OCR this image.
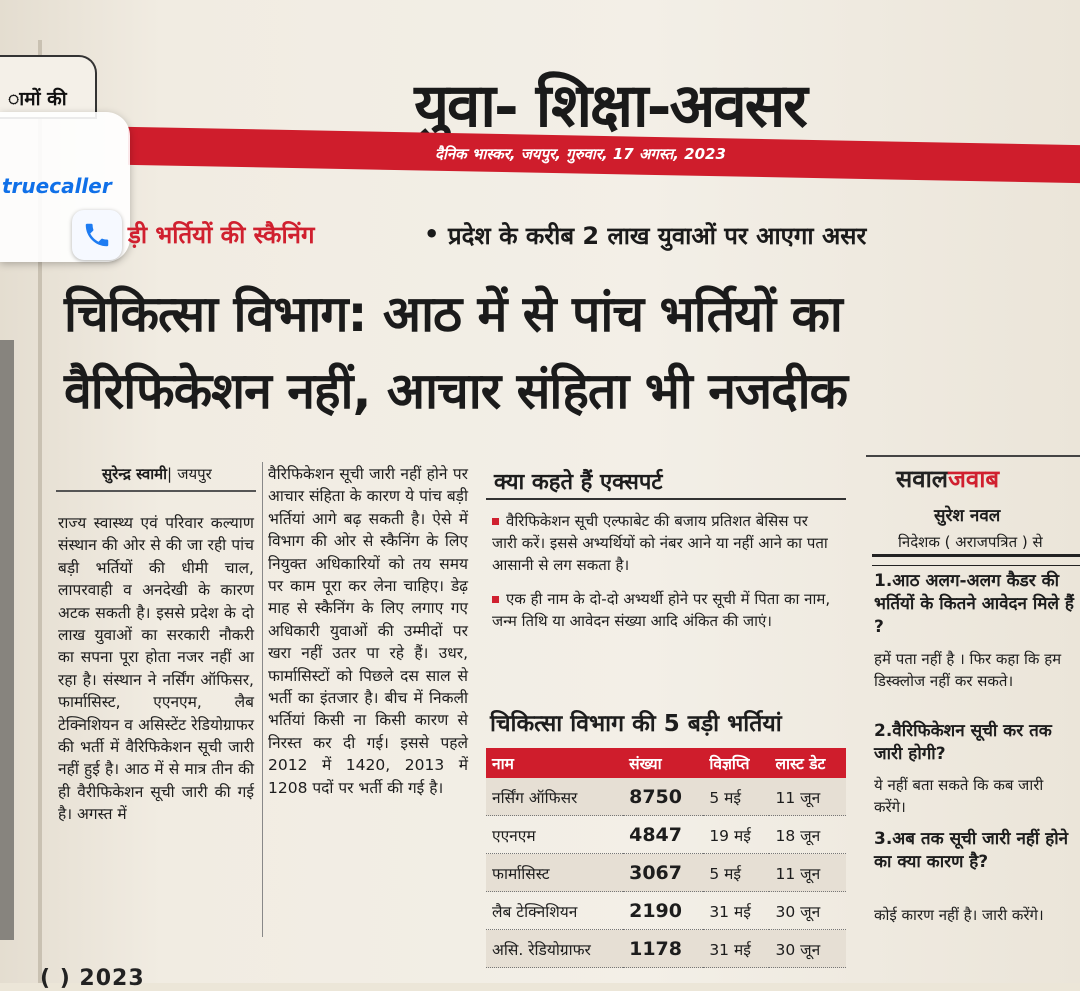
ामों की	युवा- शिक्षा-अवसर
दैनिक भास्कर, जयपुर, गुरुवार, 17 अगस्त, 2023
truecaller
ड़ी भर्तियों की स्कैनिंग	• प्रदेश के करीब 2 लाख युवाओं पर आएगा असर
चिकित्सा विभाग: आठ में से पांच भर्तियों का
वैरिफिकेशन नहीं, आचार संहिता भी नजदीक
सुरेन्द्र स्वामी| जयपुर
राज्य स्वास्थ्य एवं परिवार कल्याण संस्थान की ओर से की जा रही पांच बड़ी भर्तियों की धीमी चाल, लापरवाही व अनदेखी के कारण अटक सकती है। इससे प्रदेश के दो लाख युवाओं का सरकारी नौकरी का सपना पूरा होता नजर नहीं आ रहा है। संस्थान ने नर्सिंग ऑफिसर, फार्मासिस्ट, एएनएम, लैब टेक्निशियन व असिस्टेंट रेडियोग्राफर की भर्ती में वैरिफिकेशन सूची जारी नहीं हुई है। आठ में से मात्र तीन की ही वैरीफिकेशन सूची जारी की गई है। अगस्त में
वैरिफिकेशन सूची जारी नहीं होने पर आचार संहिता के कारण ये पांच बड़ी भर्तियां आगे बढ़ सकती है। ऐसे में विभाग की ओर से स्कैनिंग के लिए नियुक्त अधिकारियों को तय समय पर काम पूरा कर लेना चाहिए। डेढ़ माह से स्कैनिंग के लिए लगाए गए अधिकारी युवाओं की उम्मीदों पर खरा नहीं उतर पा रहे हैं। उधर, फार्मासिस्टों को पिछले दस साल से भर्ती का इंतजार है। बीच में निकली भर्तियां किसी ना किसी कारण से निरस्त कर दी गई। इससे पहले 2012 में 1420, 2013 में 1208 पदों पर भर्ती की गई है।
क्या कहते हैं एक्सपर्ट
वैरिफिकेशन सूची एल्फाबेट की बजाय प्रतिशत बेसिस पर जारी करें। इससे अभ्यर्थियों को नंबर आने या नहीं आने का पता आसानी से लग सकता है।
एक ही नाम के दो-दो अभ्यर्थी होने पर सूची में पिता का नाम, जन्म तिथि या आवेदन संख्या आदि अंकित की जाएं।
चिकित्सा विभाग की 5 बड़ी भर्तियां
नाम	संख्या	विज्ञप्ति	लास्ट डेट
नर्सिंग ऑफिसर	8750	5 मई	11 जून
एएनएम	4847	19 मई	18 जून
फार्मासिस्ट	3067	5 मई	11 जून
लैब टेक्निशियन	2190	31 मई	30 जून
असि. रेडियोग्राफर	1178	31 मई	30 जून
सवालजवाब
सुरेश नवल
निदेशक ( अराजपत्रित ) से
1.आठ अलग-अलग कैडर की भर्तियों के कितने आवेदन मिले हैं ?
हमें पता नहीं है । फिर कहा कि हम डिस्क्लोज नहीं कर सकते।
2.वैरिफिकेशन सूची कर तक जारी होगी?
ये नहीं बता सकते कि कब जारी करेंगे।
3.अब तक सूची जारी नहीं होने का क्या कारण है?
कोई कारण नहीं है। जारी करेंगे।
( ) 2023
